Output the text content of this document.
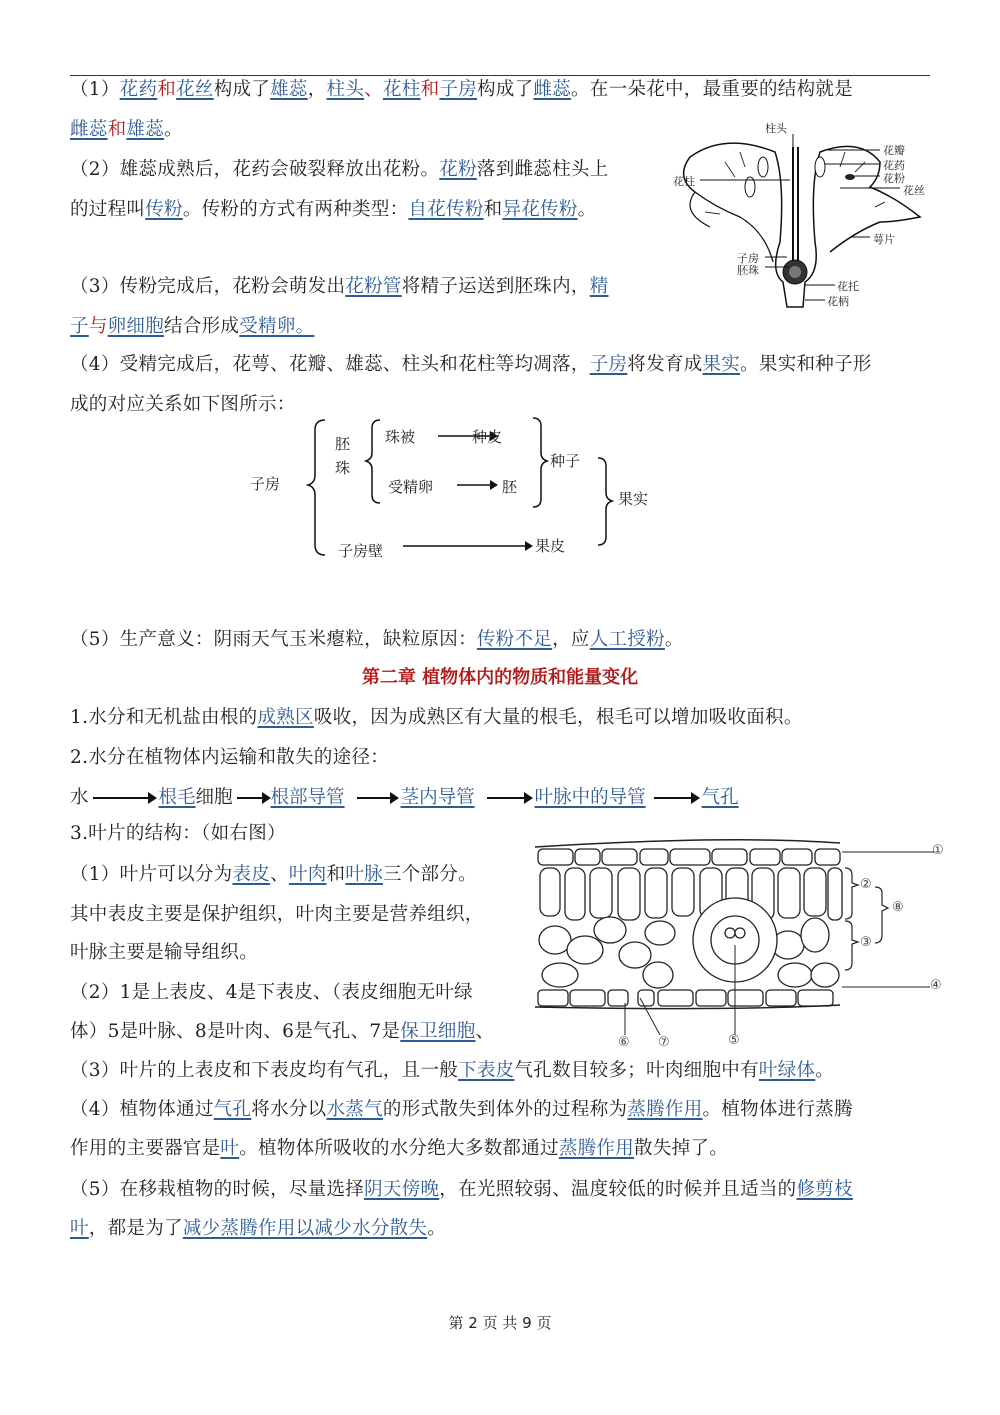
（1）花药和花丝构成了雄蕊，柱头、花柱和子房构成了雌蕊。在一朵花中，最重要的结构就是
雌蕊和雄蕊。
（2）雄蕊成熟后，花药会破裂释放出花粉。花粉落到雌蕊柱头上
的过程叫传粉。传粉的方式有两种类型：自花传粉和异花传粉。
柱头
花瓣
花药
花粉
花丝
花柱
萼片
子房
胚珠
花托
花柄
（3）传粉完成后，花粉会萌发出花粉管将精子运送到胚珠内，精
子与卵细胞结合形成受精卵。
（4）受精完成后，花萼、花瓣、雄蕊、柱头和花柱等均凋落，子房将发育成果实。果实和种子形
成的对应关系如下图所示：
子房
胚
珠
珠被	种皮
受精卵	胚
种子
子房壁	果皮
果实
（5）生产意义：阴雨天气玉米瘪粒，缺粒原因：传粉不足，应人工授粉。
第二章 植物体内的物质和能量变化
1.水分和无机盐由根的成熟区吸收，因为成熟区有大量的根毛，根毛可以增加吸收面积。
2.水分在植物体内运输和散失的途径：
水	根毛细胞 根部导管	茎内导管	叶脉中的导管	气孔
3.叶片的结构：（如右图）
（1）叶片可以分为表皮、叶肉和叶脉三个部分。
其中表皮主要是保护组织，叶肉主要是营养组织，
叶脉主要是输导组织。
（2）1是上表皮、4是下表皮、（表皮细胞无叶绿
体）5是叶脉、8是叶肉、6是气孔、7是保卫细胞、
①
②
③
④
⑤
⑥ ⑦
⑧
（3）叶片的上表皮和下表皮均有气孔，且一般下表皮气孔数目较多；叶肉细胞中有叶绿体。
（4）植物体通过气孔将水分以水蒸气的形式散失到体外的过程称为蒸腾作用。植物体进行蒸腾
作用的主要器官是叶。植物体所吸收的水分绝大多数都通过蒸腾作用散失掉了。
（5）在移栽植物的时候，尽量选择阴天傍晚，在光照较弱、温度较低的时候并且适当的修剪枝
叶，都是为了减少蒸腾作用以减少水分散失。
第 2 页 共 9 页
